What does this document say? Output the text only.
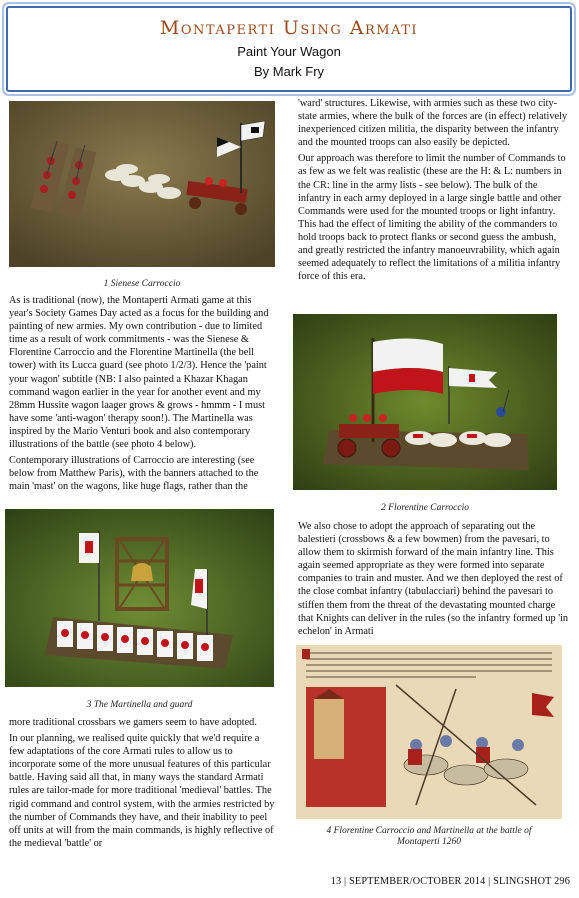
Montaperti Using Armati
Paint Your Wagon
By Mark Fry
1 Sienese Carroccio

As is traditional (now), the Montaperti Armati game at this year's Society Games Day acted as a focus for the building and painting of new armies. My own contribution - due to limited time as a result of work commitments - was the Sienese & Florentine Carroccio and the Florentine Martinella (the bell tower) with its Lucca guard (see photo 1/2/3). Hence the 'paint your wagon' subtitle (NB: I also painted a Khazar Khagan command wagon earlier in the year for another event and my 28mm Hussite wagon laager grows & grows - hmmm - I must have some 'anti-wagon' therapy soon!). The Martinella was inspired by the Mario Venturi book and also contemporary illustrations of the battle (see photo 4 below).

Contemporary illustrations of Carroccio are interesting (see below from Matthew Paris), with the banners attached to the main 'mast' on the wagons, like huge flags, rather than the

3 The Martinella and guard

more traditional crossbars we gamers seem to have adopted.

In our planning, we realised quite quickly that we'd require a few adaptations of the core Armati rules to allow us to incorporate some of the more unusual features of this particular battle. Having said all that, in many ways the standard Armati rules are tailor-made for more traditional 'medieval' battles. The rigid command and control system, with the armies restricted by the number of Commands they have, and their inability to peel off units at will from the main commands, is highly reflective of the medieval 'battle' or

'ward' structures. Likewise, with armies such as these two city-state armies, where the bulk of the forces are (in effect) relatively inexperienced citizen militia, the disparity between the infantry and the mounted troops can also easily be depicted.

Our approach was therefore to limit the number of Commands to as few as we felt was realistic (these are the H: & L: numbers in the CR: line in the army lists - see below). The bulk of the infantry in each army deployed in a large single battle and other Commands were used for the mounted troops or light infantry. This had the effect of limiting the ability of the commanders to hold troops back to protect flanks or second guess the ambush, and greatly restricted the infantry manoeuvrability, which again seemed adequately to reflect the limitations of a militia infantry force of this era.

2 Florentine Carroccio

We also chose to adopt the approach of separating out the balestieri (crossbows & a few bowmen) from the pavesari, to allow them to skirmish forward of the main infantry line. This again seemed appropriate as they were formed into separate companies to train and muster. And we then deployed the rest of the close combat infantry (tabulacciari) behind the pavesari to stiffen them from the threat of the devastating mounted charge that Knights can deliver in the rules (so the infantry formed up 'in echelon' in Armati

4 Florentine Carroccio and Martinella at the battle of
Montaperti 1260
13 | SEPTEMBER/OCTOBER 2014 | SLINGSHOT 296
